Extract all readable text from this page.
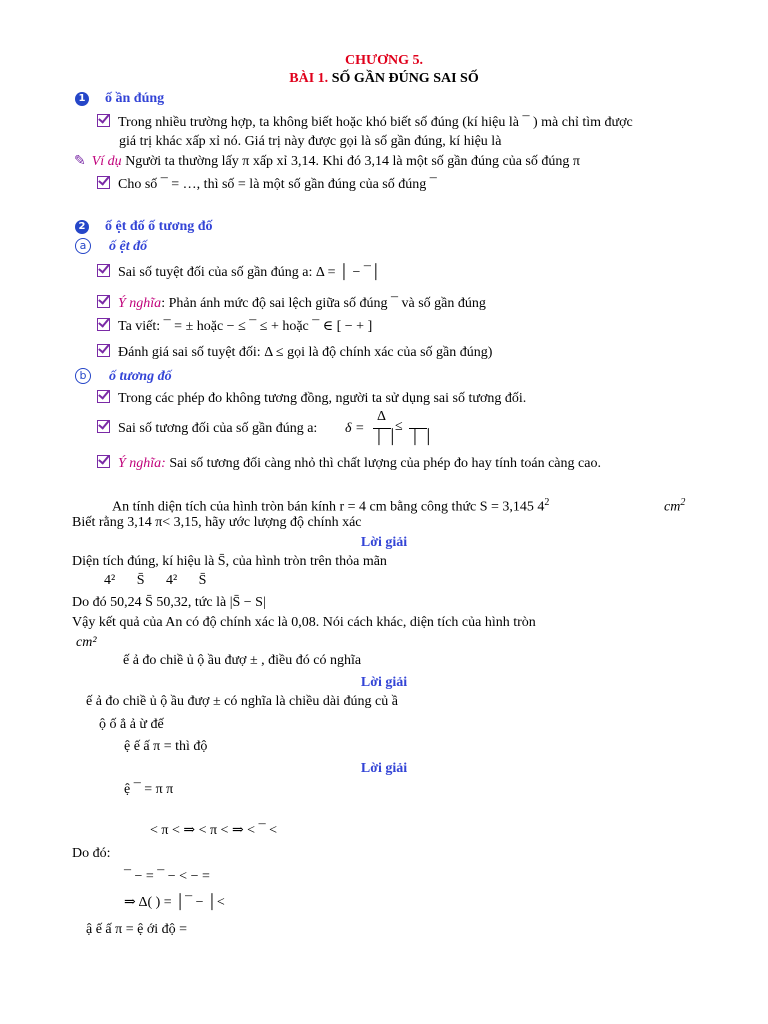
CHƯƠNG 5.
BÀI 1. SỐ GẦN ĐÚNG SAI SỐ
1 ố ần đúng
Trong nhiều trường hợp, ta không biết hoặc khó biết số đúng (kí hiệu là ¯ ) mà chỉ tìm được
giá trị khác xấp xỉ nó. Giá trị này được gọi là số gần đúng, kí hiệu là
✎ Ví dụ Người ta thường lấy π xấp xỉ 3,14. Khi đó 3,14 là một số gần đúng của số đúng π
Cho số ¯ = …, thì số = là một số gần đúng của số đúng ¯
2 ố ệt đố ố tương đố
a ố ệt đố
Sai số tuyệt đối của số gần đúng a: Δ = │ − ¯│
Ý nghĩa: Phản ánh mức độ sai lệch giữa số đúng ¯ và số gần đúng
Ta viết: ¯ = ± hoặc − ≤ ¯ ≤ + hoặc ¯ ∈ [ − + ]
Đánh giá sai số tuyệt đối: Δ ≤ gọi là độ chính xác của số gần đúng)
b ố tương đố
Trong các phép đo không tương đồng, người ta sử dụng sai số tương đối.
Sai số tương đối của số gần đúng a: δ =
Δ
│ │
≤
│ │
Ý nghĩa: Sai số tương đối càng nhỏ thì chất lượng của phép đo hay tính toán càng cao.
An tính diện tích của hình tròn bán kính r = 4 cm bằng công thức S = 3,145 $4^2$	$cm^2$
Biết rằng 3,14 π< 3,15, hãy ước lượng độ chính xác
Lời giải
Diện tích đúng, kí hiệu là S̄, của hình tròn trên thỏa mãn
4² S̄ 4² S̄
Do đó 50,24 S̄ 50,32, tức là |S̄ − S|
Vậy kết quả của An có độ chính xác là 0,08. Nói cách khác, diện tích của hình tròn
cm²
ế ả đo chiề ủ ộ ầu đượ ± , điều đó có nghĩa
Lời giải
ế ả đo chiề ủ ộ ầu đượ ± có nghĩa là chiều dài đúng củ ầ
ộ ố ẳ ả ừ đế
ệ ế ấ π = thì độ
Lời giải
ệ ¯ = π π
< π < ⇒ < π < ⇒ < ¯ <
Do đó:
¯ − = ¯ − < − =
⇒ Δ( ) = │¯ − │<
ậ ế ấ π = ệ ới độ =
